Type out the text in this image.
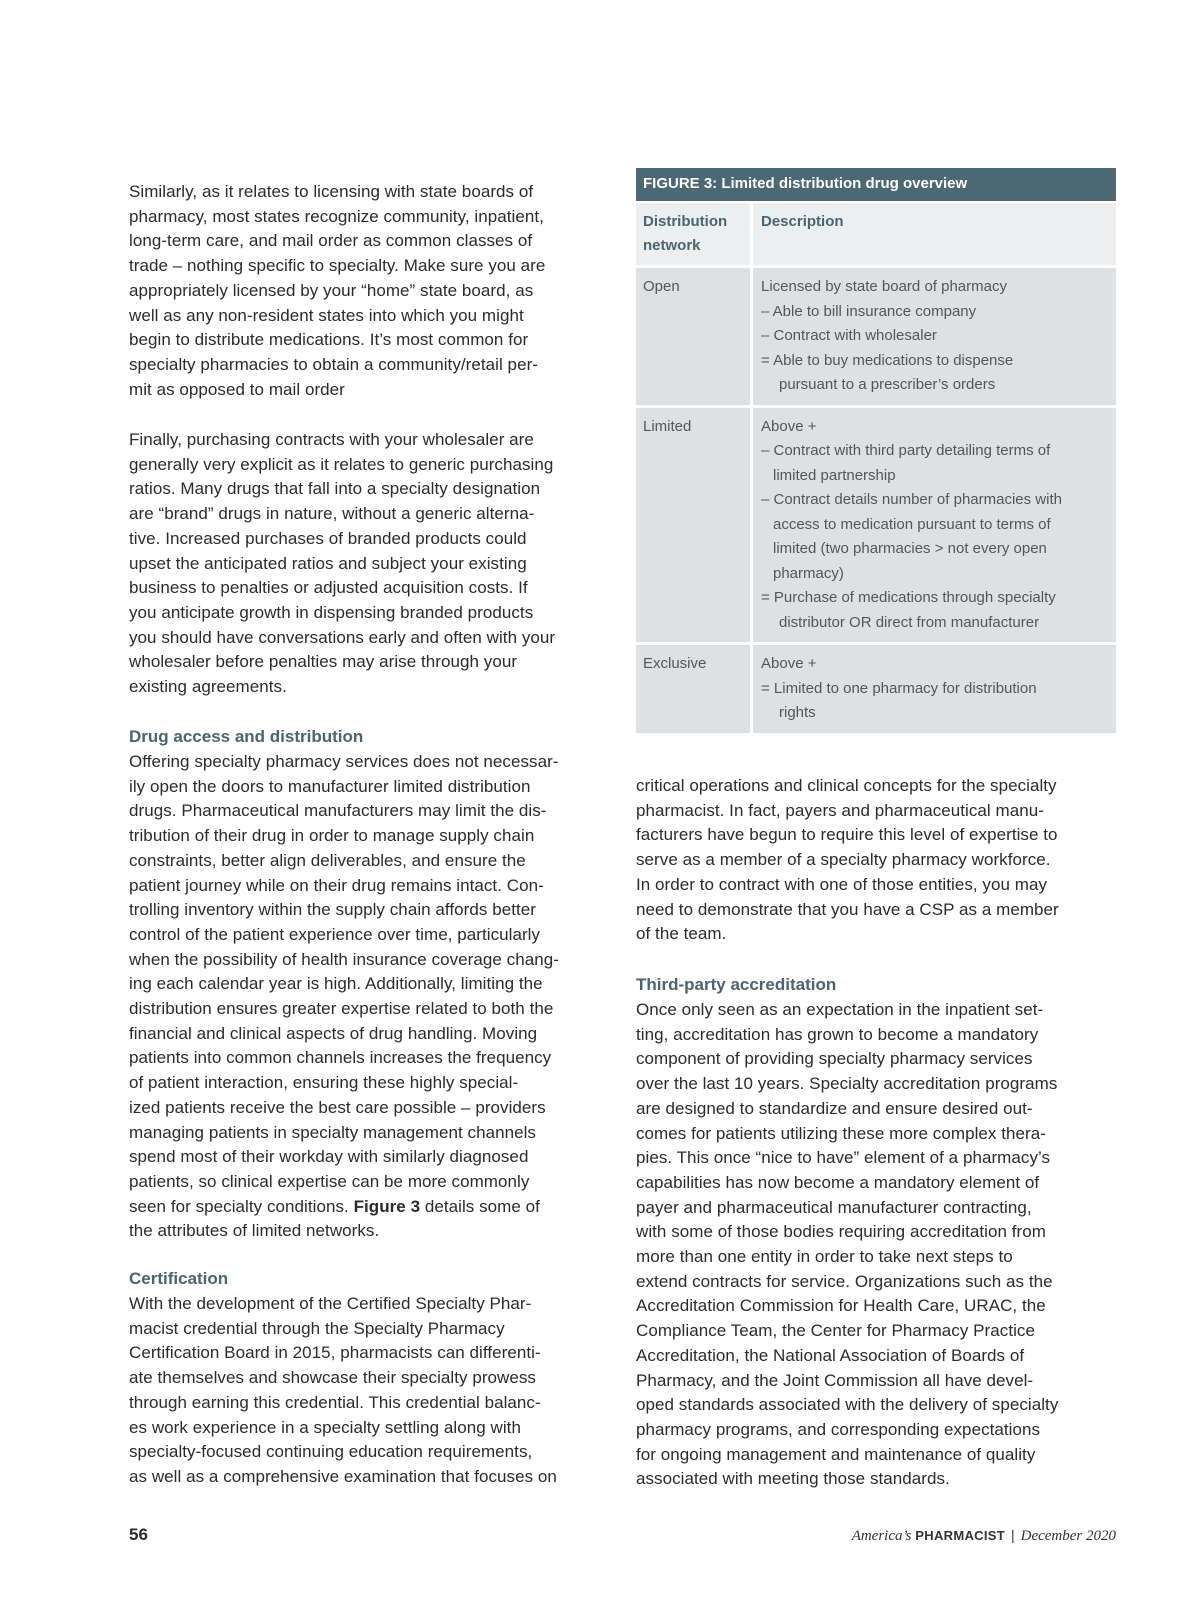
Similarly, as it relates to licensing with state boards of
pharmacy, most states recognize community, inpatient,
long-term care, and mail order as common classes of
trade – nothing specific to specialty. Make sure you are
appropriately licensed by your “home” state board, as
well as any non-resident states into which you might
begin to distribute medications. It’s most common for
specialty pharmacies to obtain a community/retail per-
mit as opposed to mail order

Finally, purchasing contracts with your wholesaler are
generally very explicit as it relates to generic purchasing
ratios. Many drugs that fall into a specialty designation
are “brand” drugs in nature, without a generic alterna-
tive. Increased purchases of branded products could
upset the anticipated ratios and subject your existing
business to penalties or adjusted acquisition costs. If
you anticipate growth in dispensing branded products
you should have conversations early and often with your
wholesaler before penalties may arise through your
existing agreements.

Drug access and distribution

Offering specialty pharmacy services does not necessar-
ily open the doors to manufacturer limited distribution
drugs. Pharmaceutical manufacturers may limit the dis-
tribution of their drug in order to manage supply chain
constraints, better align deliverables, and ensure the
patient journey while on their drug remains intact. Con-
trolling inventory within the supply chain affords better
control of the patient experience over time, particularly
when the possibility of health insurance coverage chang-
ing each calendar year is high. Additionally, limiting the
distribution ensures greater expertise related to both the
financial and clinical aspects of drug handling. Moving
patients into common channels increases the frequency
of patient interaction, ensuring these highly special-
ized patients receive the best care possible – providers
managing patients in specialty management channels
spend most of their workday with similarly diagnosed
patients, so clinical expertise can be more commonly
seen for specialty conditions. Figure 3 details some of
the attributes of limited networks.

Certification

With the development of the Certified Specialty Phar-
macist credential through the Specialty Pharmacy
Certification Board in 2015, pharmacists can differenti-
ate themselves and showcase their specialty prowess
through earning this credential. This credential balanc-
es work experience in a specialty settling along with
specialty-focused continuing education requirements,
as well as a comprehensive examination that focuses on

FIGURE 3: Limited distribution drug overview
Distribution
network
Description
Open	Licensed by state board of pharmacy
– Able to bill insurance company
– Contract with wholesaler
= Able to buy medications to dispense
pursuant to a prescriber’s orders
Limited	Above +
– Contract with third party detailing terms of
limited partnership
– Contract details number of pharmacies with
access to medication pursuant to terms of
limited (two pharmacies > not every open
pharmacy)
= Purchase of medications through specialty
distributor OR direct from manufacturer
Exclusive	Above +
= Limited to one pharmacy for distribution
rights

critical operations and clinical concepts for the specialty
pharmacist. In fact, payers and pharmaceutical manu-
facturers have begun to require this level of expertise to
serve as a member of a specialty pharmacy workforce.
In order to contract with one of those entities, you may
need to demonstrate that you have a CSP as a member
of the team.

Third-party accreditation

Once only seen as an expectation in the inpatient set-
ting, accreditation has grown to become a mandatory
component of providing specialty pharmacy services
over the last 10 years. Specialty accreditation programs
are designed to standardize and ensure desired out-
comes for patients utilizing these more complex thera-
pies. This once “nice to have” element of a pharmacy’s
capabilities has now become a mandatory element of
payer and pharmaceutical manufacturer contracting,
with some of those bodies requiring accreditation from
more than one entity in order to take next steps to
extend contracts for service. Organizations such as the
Accreditation Commission for Health Care, URAC, the
Compliance Team, the Center for Pharmacy Practice
Accreditation, the National Association of Boards of
Pharmacy, and the Joint Commission all have devel-
oped standards associated with the delivery of specialty
pharmacy programs, and corresponding expectations
for ongoing management and maintenance of quality
associated with meeting those standards.

56	America’s PHARMACIST | December 2020
